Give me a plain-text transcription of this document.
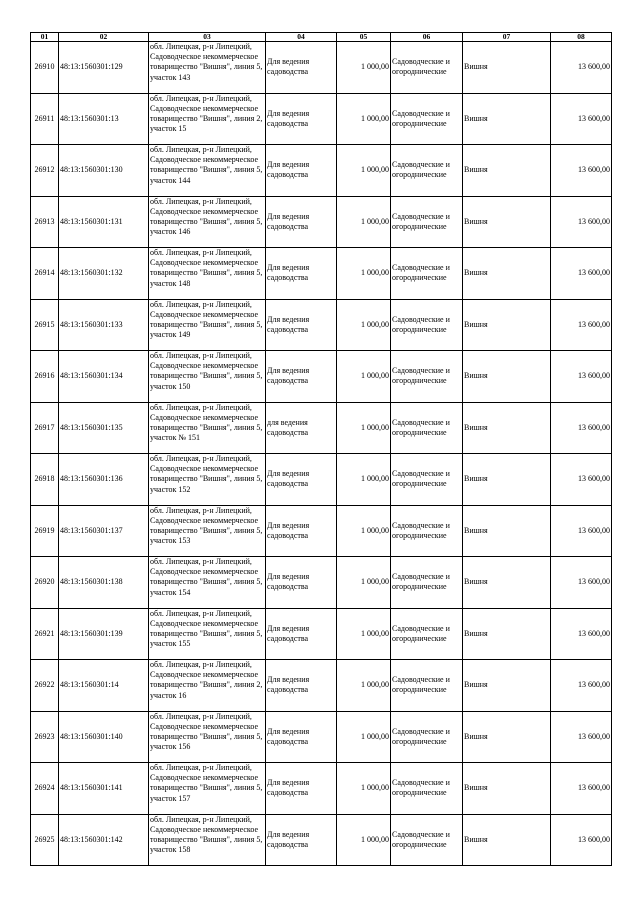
01	02	03	04	05	06	07	08
26910	48:13:1560301:129	обл. Липецкая, р-н Липецкий, Садоводческое некоммерческое товарищество "Вишня", линия 5, участок 143	Для ведения садоводства	1 000,00	Садоводческие и огороднические	Вишня	13 600,00
26911	48:13:1560301:13	обл. Липецкая, р-н Липецкий, Садоводческое некоммерческое товарищество "Вишня", линия 2, участок 15	Для ведения садоводства	1 000,00	Садоводческие и огороднические	Вишня	13 600,00
26912	48:13:1560301:130	обл. Липецкая, р-н Липецкий, Садоводческое некоммерческое товарищество "Вишня", линия 5, участок 144	Для ведения садоводства	1 000,00	Садоводческие и огороднические	Вишня	13 600,00
26913	48:13:1560301:131	обл. Липецкая, р-н Липецкий, Садоводческое некоммерческое товарищество "Вишня", линия 5, участок 146	Для ведения садоводства	1 000,00	Садоводческие и огороднические	Вишня	13 600,00
26914	48:13:1560301:132	обл. Липецкая, р-н Липецкий, Садоводческое некоммерческое товарищество "Вишня", линия 5, участок 148	Для ведения садоводства	1 000,00	Садоводческие и огороднические	Вишня	13 600,00
26915	48:13:1560301:133	обл. Липецкая, р-н Липецкий, Садоводческое некоммерческое товарищество "Вишня", линия 5, участок 149	Для ведения садоводства	1 000,00	Садоводческие и огороднические	Вишня	13 600,00
26916	48:13:1560301:134	обл. Липецкая, р-н Липецкий, Садоводческое некоммерческое товарищество "Вишня", линия 5, участок 150	Для ведения садоводства	1 000,00	Садоводческие и огороднические	Вишня	13 600,00
26917	48:13:1560301:135	обл. Липецкая, р-н Липецкий, Садоводческое некоммерческое товарищество "Вишня", линия 5, участок № 151	для ведения садоводства	1 000,00	Садоводческие и огороднические	Вишня	13 600,00
26918	48:13:1560301:136	обл. Липецкая, р-н Липецкий, Садоводческое некоммерческое товарищество "Вишня", линия 5, участок 152	Для ведения садоводства	1 000,00	Садоводческие и огороднические	Вишня	13 600,00
26919	48:13:1560301:137	обл. Липецкая, р-н Липецкий, Садоводческое некоммерческое товарищество "Вишня", линия 5, участок 153	Для ведения садоводства	1 000,00	Садоводческие и огороднические	Вишня	13 600,00
26920	48:13:1560301:138	обл. Липецкая, р-н Липецкий, Садоводческое некоммерческое товарищество "Вишня", линия 5, участок 154	Для ведения садоводства	1 000,00	Садоводческие и огороднические	Вишня	13 600,00
26921	48:13:1560301:139	обл. Липецкая, р-н Липецкий, Садоводческое некоммерческое товарищество "Вишня", линия 5, участок 155	Для ведения садоводства	1 000,00	Садоводческие и огороднические	Вишня	13 600,00
26922	48:13:1560301:14	обл. Липецкая, р-н Липецкий, Садоводческое некоммерческое товарищество "Вишня", линия 2, участок 16	Для ведения садоводства	1 000,00	Садоводческие и огороднические	Вишня	13 600,00
26923	48:13:1560301:140	обл. Липецкая, р-н Липецкий, Садоводческое некоммерческое товарищество "Вишня", линия 5, участок 156	Для ведения садоводства	1 000,00	Садоводческие и огороднические	Вишня	13 600,00
26924	48:13:1560301:141	обл. Липецкая, р-н Липецкий, Садоводческое некоммерческое товарищество "Вишня", линия 5, участок 157	Для ведения садоводства	1 000,00	Садоводческие и огороднические	Вишня	13 600,00
26925	48:13:1560301:142	обл. Липецкая, р-н Липецкий, Садоводческое некоммерческое товарищество "Вишня", линия 5, участок 158	Для ведения садоводства	1 000,00	Садоводческие и огороднические	Вишня	13 600,00
